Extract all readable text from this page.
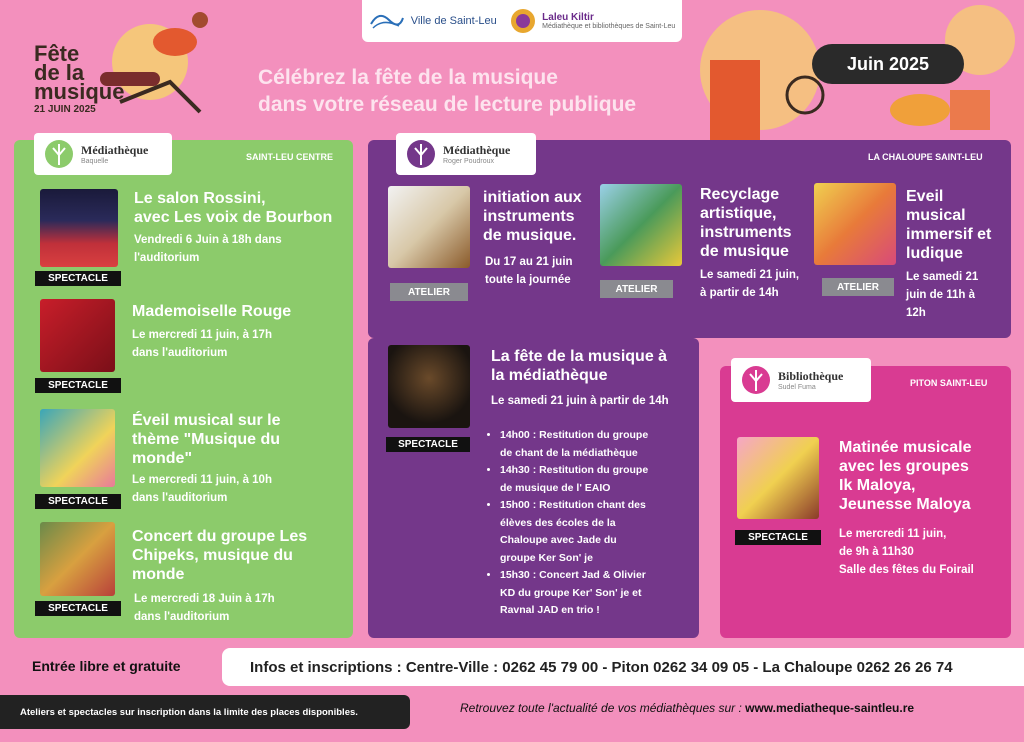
Ville de Saint-Leu	Laleu Kiltir
Médiathèque et bibliothèques de Saint-Leu
Fête
de la
musique
21 JUIN 2025
Célébrez la fête de la musique
dans votre réseau de lecture publique
Juin 2025
Médiathèque
Baquelle	SAINT-LEU CENTRE
SPECTACLE
Le salon Rossini,
avec Les voix de Bourbon
Vendredi 6 Juin à 18h dans
l'auditorium
SPECTACLE
Mademoiselle Rouge
Le mercredi 11 juin, à 17h
dans l'auditorium
SPECTACLE
Éveil musical sur le
thème "Musique du
monde"
Le mercredi 11 juin, à 10h
dans l'auditorium
SPECTACLE
Concert du groupe Les
Chipeks, musique du
monde
Le mercredi 18 Juin à 17h
dans l'auditorium
Médiathèque
Roger Poudroux	LA CHALOUPE SAINT-LEU
ATELIER
initiation aux
instruments
de musique.
Du 17 au 21 juin
toute la journée
ATELIER
Recyclage
artistique,
instruments
de musique
Le samedi 21 juin,
à partir de 14h	ATELIER
Eveil
musical
immersif et
ludique
Le samedi 21
juin de 11h à
12h
SPECTACLE
La fête de la musique à
la médiathèque
Le samedi 21 juin à partir de 14h
• 14h00 : Restitution du groupe
de chant de la médiathèque
• 14h30 : Restitution du groupe
de musique de l' EAIO
• 15h00 : Restitution chant des
élèves des écoles de la
Chaloupe avec Jade du
groupe Ker Son' je
• 15h30 : Concert Jad & Olivier
KD du groupe Ker' Son' je et
Ravnal JAD en trio !
Bibliothèque
Sudel Fuma	PITON SAINT-LEU
SPECTACLE
Matinée musicale
avec les groupes
Ik Maloya,
Jeunesse Maloya
Le mercredi 11 juin,
de 9h à 11h30
Salle des fêtes du Foirail
Entrée libre et gratuite	Infos et inscriptions : Centre-Ville : 0262 45 79 00 - Piton 0262 34 09 05 - La Chaloupe 0262 26 26 74
Ateliers et spectacles sur inscription dans la limite des places disponibles.	Retrouvez toute l'actualité de vos médiathèques sur : www.mediatheque-saintleu.re
